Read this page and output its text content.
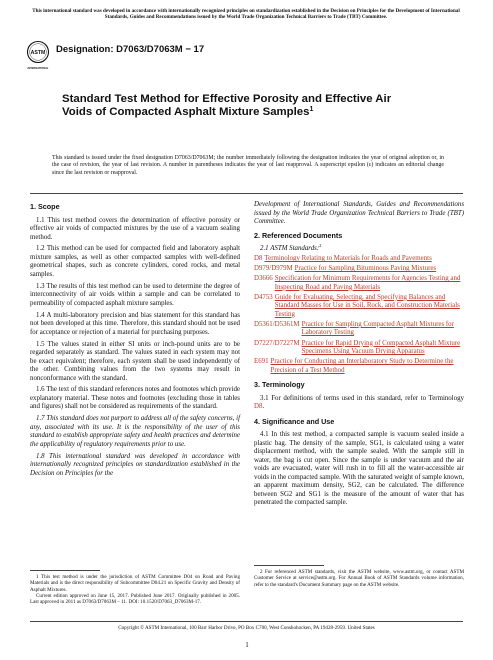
This international standard was developed in accordance with internationally recognized principles on standardization established in the Decision on Principles for the Development of International Standards, Guides and Recommendations issued by the World Trade Organization Technical Barriers to Trade (TBT) Committee.
ASTM
INTERNATIONAL
Designation: D7063/D7063M − 17
Standard Test Method for Effective Porosity and Effective Air Voids of Compacted Asphalt Mixture Samples$^1$
This standard is issued under the fixed designation D7063/D7063M; the number immediately following the designation indicates the year of original adoption or, in the case of revision, the year of last revision. A number in parentheses indicates the year of last reapproval. A superscript epsilon (ε) indicates an editorial change since the last revision or reapproval.
1. Scope

1.1 This test method covers the determination of effective porosity or effective air voids of compacted mixtures by the use of a vacuum sealing method.

1.2 This method can be used for compacted field and laboratory asphalt mixture samples, as well as other compacted samples with well-defined geometrical shapes, such as concrete cylinders, cored rocks, and metal samples.

1.3 The results of this test method can be used to determine the degree of interconnectivity of air voids within a sample and can be correlated to permeability of compacted asphalt mixture samples.

1.4 A multi-laboratory precision and bias statement for this standard has not been developed at this time. Therefore, this standard should not be used for acceptance or rejection of a material for purchasing purposes.

1.5 The values stated in either SI units or inch-pound units are to be regarded separately as standard. The values stated in each system may not be exact equivalent; therefore, each system shall be used independently of the other. Combining values from the two systems may result in nonconformance with the standard.

1.6 The text of this standard references notes and footnotes which provide explanatory material. These notes and footnotes (excluding those in tables and figures) shall not be considered as requirements of the standard.

1.7 This standard does not purport to address all of the safety concerns, if any, associated with its use. It is the responsibility of the user of this standard to establish appropriate safety and health practices and determine the applicability of regulatory requirements prior to use.

1.8 This international standard was developed in accordance with internationally recognized principles on standardization established in the Decision on Principles for the

Development of International Standards, Guides and Recommendations issued by the World Trade Organization Technical Barriers to Trade (TBT) Committee.

2. Referenced Documents

2.1 ASTM Standards:$^2$

D8 Terminology Relating to Materials for Roads and Pavements
D979/D979M Practice for Sampling Bituminous Paving Mixtures
D3666 Specification for Minimum Requirements for Agencies Testing and Inspecting Road and Paving Materials
D4753 Guide for Evaluating, Selecting, and Specifying Balances and Standard Masses for Use in Soil, Rock, and Construction Materials Testing
D5361/D5361M Practice for Sampling Compacted Asphalt Mixtures for Laboratory Testing
D7227/D7227M Practice for Rapid Drying of Compacted Asphalt Mixture Specimens Using Vacuum Drying Apparatus
E691 Practice for Conducting an Interlaboratory Study to Determine the Precision of a Test Method
3. Terminology

3.1 For definitions of terms used in this standard, refer to Terminology D8.

4. Significance and Use

4.1 In this test method, a compacted sample is vacuum sealed inside a plastic bag. The density of the sample, SG1, is calculated using a water displacement method, with the sample sealed. With the sample still in water, the bag is cut open. Since the sample is under vacuum and the air voids are evacuated, water will rush in to fill all the water-accessible air voids in the compacted sample. With the saturated weight of sample known, an apparent maximum density, SG2, can be calculated. The difference between SG2 and SG1 is the measure of the amount of water that has penetrated the compacted sample.

1 This test method is under the jurisdiction of ASTM Committee D04 on Road and Paving Materials and is the direct responsibility of Subcommittee D04.21 on Specific Gravity and Density of Asphalt Mixtures.

Current edition approved on June 15, 2017. Published June 2017. Originally published in 2005. Last approved in 2011 as D7063/D7063M – 11. DOI: 10.1520/D7063_D7063M-17.

2 For referenced ASTM standards, visit the ASTM website, www.astm.org, or contact ASTM Customer Service at service@astm.org. For Annual Book of ASTM Standards volume information, refer to the standard's Document Summary page on the ASTM website.

Copyright © ASTM International, 100 Barr Harbor Drive, PO Box C700, West Conshohocken, PA 19428-2959. United States
1
